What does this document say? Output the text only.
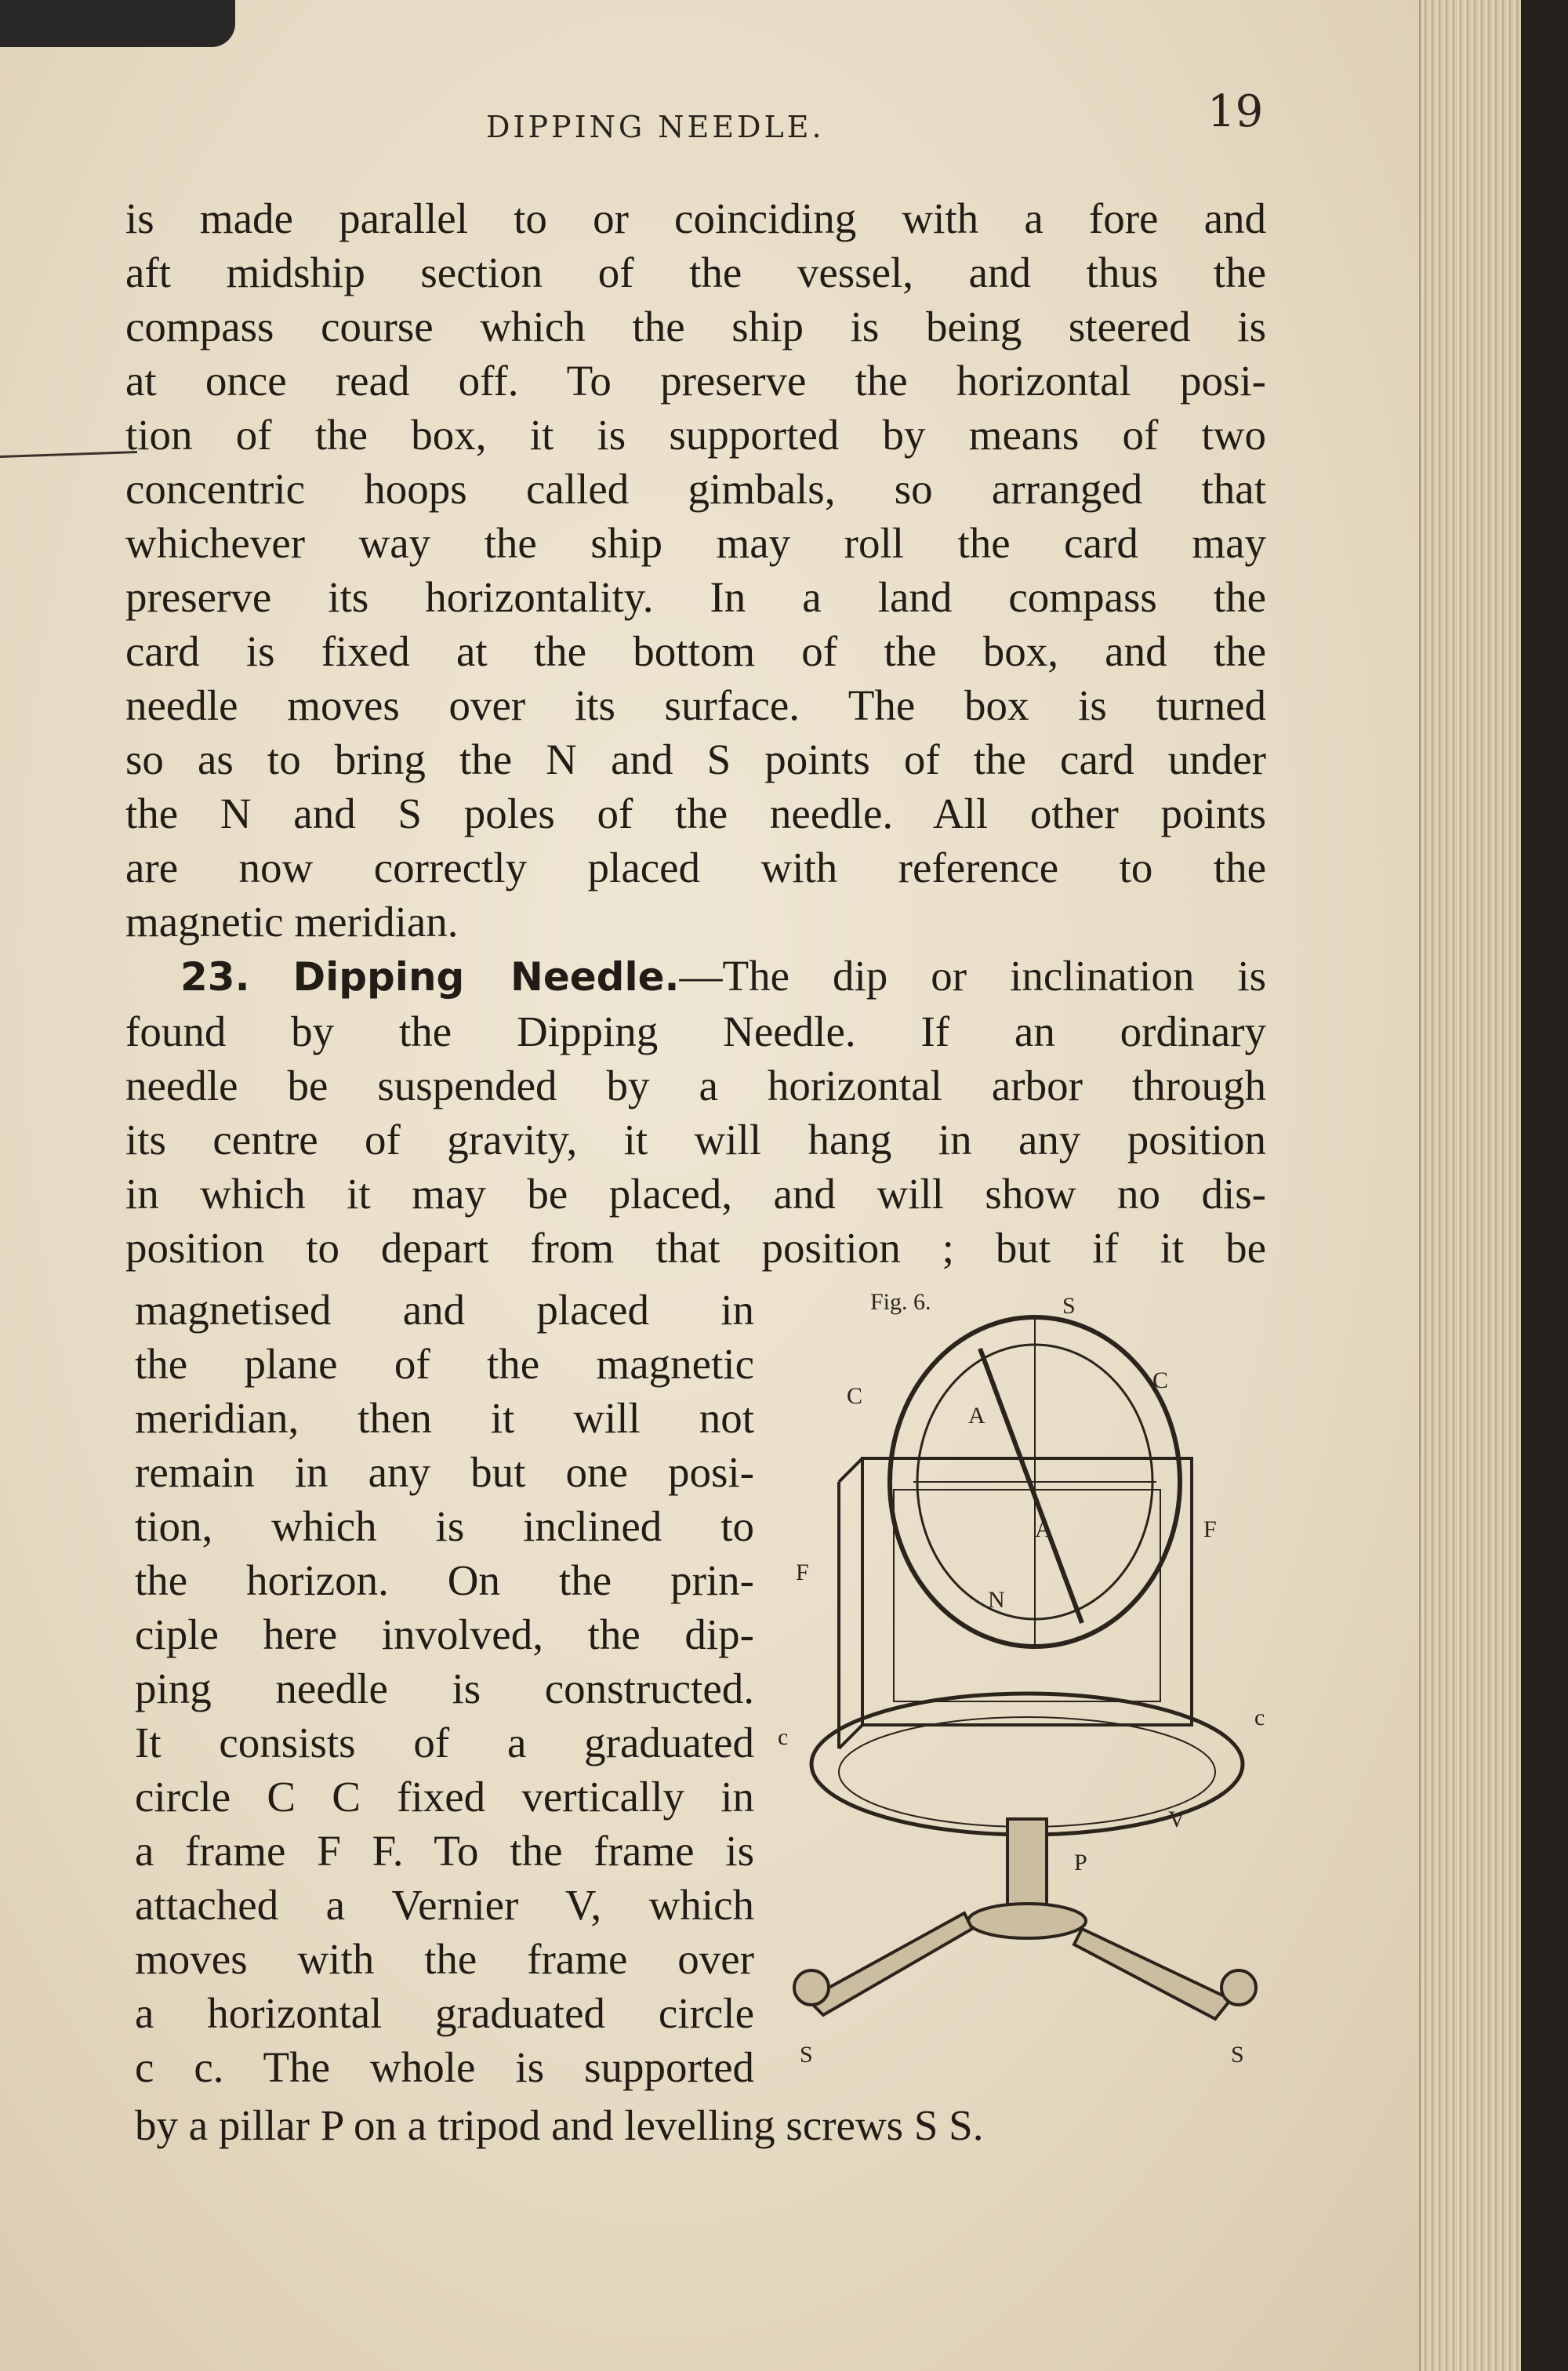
DIPPING NEEDLE.	19
is made parallel to or coinciding with a fore and
aft midship section of the vessel, and thus the
compass course which the ship is being steered is
at once read off. To preserve the horizontal posi-
tion of the box, it is supported by means of two
concentric hoops called gimbals, so arranged that
whichever way the ship may roll the card may
preserve its horizontality. In a land compass the
card is fixed at the bottom of the box, and the
needle moves over its surface. The box is turned
so as to bring the N and S points of the card under
the N and S poles of the needle. All other points
are now correctly placed with reference to the
magnetic meridian.
23. Dipping Needle.—The dip or inclination is
found by the Dipping Needle. If an ordinary
needle be suspended by a horizontal arbor through
its centre of gravity, it will hang in any position
in which it may be placed, and will show no dis-
position to depart from that position ; but if it be
magnetised and placed in
the plane of the magnetic
meridian, then it will not
remain in any but one posi-
tion, which is inclined to
the horizon. On the prin-
ciple here involved, the dip-
ping needle is constructed.
It consists of a graduated
circle C C fixed vertically in
a frame F F. To the frame is
attached a Vernier V, which
moves with the frame over
a horizontal graduated circle
c c. The whole is supported
by a pillar P on a tripod and levelling screws S S.
Fig. 6.	S
C
C
A
A
N
F
F
c
c
V
P
S	S
